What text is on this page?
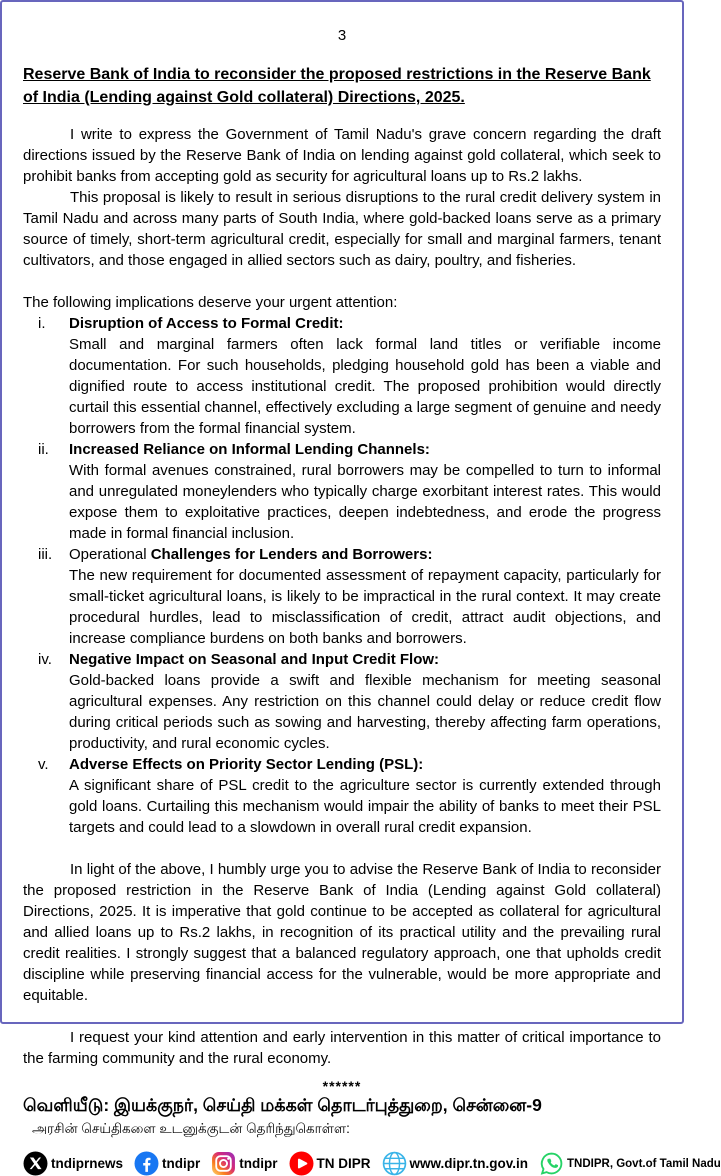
3
Reserve Bank of India to reconsider the proposed restrictions in the Reserve Bank of India (Lending against Gold collateral) Directions, 2025.

I write to express the Government of Tamil Nadu's grave concern regarding the draft directions issued by the Reserve Bank of India on lending against gold collateral, which seek to prohibit banks from accepting gold as security for agricultural loans up to Rs.2 lakhs.

This proposal is likely to result in serious disruptions to the rural credit delivery system in Tamil Nadu and across many parts of South India, where gold-backed loans serve as a primary source of timely, short-term agricultural credit, especially for small and marginal farmers, tenant cultivators, and those engaged in allied sectors such as dairy, poultry, and fisheries.

The following implications deserve your urgent attention:
i.	Disruption of Access to Formal Credit:
Small and marginal farmers often lack formal land titles or verifiable income documentation. For such households, pledging household gold has been a viable and dignified route to access institutional credit. The proposed prohibition would directly curtail this essential channel, effectively excluding a large segment of genuine and needy borrowers from the formal financial system.
ii.	Increased Reliance on Informal Lending Channels:
With formal avenues constrained, rural borrowers may be compelled to turn to informal and unregulated moneylenders who typically charge exorbitant interest rates. This would expose them to exploitative practices, deepen indebtedness, and erode the progress made in formal financial inclusion.
iii.	Operational Challenges for Lenders and Borrowers:
The new requirement for documented assessment of repayment capacity, particularly for small-ticket agricultural loans, is likely to be impractical in the rural context. It may create procedural hurdles, lead to misclassification of credit, attract audit objections, and increase compliance burdens on both banks and borrowers.
iv.	Negative Impact on Seasonal and Input Credit Flow:
Gold-backed loans provide a swift and flexible mechanism for meeting seasonal agricultural expenses. Any restriction on this channel could delay or reduce credit flow during critical periods such as sowing and harvesting, thereby affecting farm operations, productivity, and rural economic cycles.
v.	Adverse Effects on Priority Sector Lending (PSL):
A significant share of PSL credit to the agriculture sector is currently extended through gold loans. Curtailing this mechanism would impair the ability of banks to meet their PSL targets and could lead to a slowdown in overall rural credit expansion.

In light of the above, I humbly urge you to advise the Reserve Bank of India to reconsider the proposed restriction in the Reserve Bank of India (Lending against Gold collateral) Directions, 2025. It is imperative that gold continue to be accepted as collateral for agricultural and allied loans up to Rs.2 lakhs, in recognition of its practical utility and the prevailing rural credit realities. I strongly suggest that a balanced regulatory approach, one that upholds credit discipline while preserving financial access for the vulnerable, would be more appropriate and equitable.

I request your kind attention and early intervention in this matter of critical importance to the farming community and the rural economy.

******
வெளியீடு: இயக்குநர், செய்தி மக்கள் தொடர்புத்துறை, சென்னை-9
அரசின் செய்திகளை உடனுக்குடன் தெரிந்துகொள்ள:
tndiprnews	tndipr	tndipr	TN DIPR	www.dipr.tn.gov.in	TNDIPR, Govt.of Tamil Nadu
